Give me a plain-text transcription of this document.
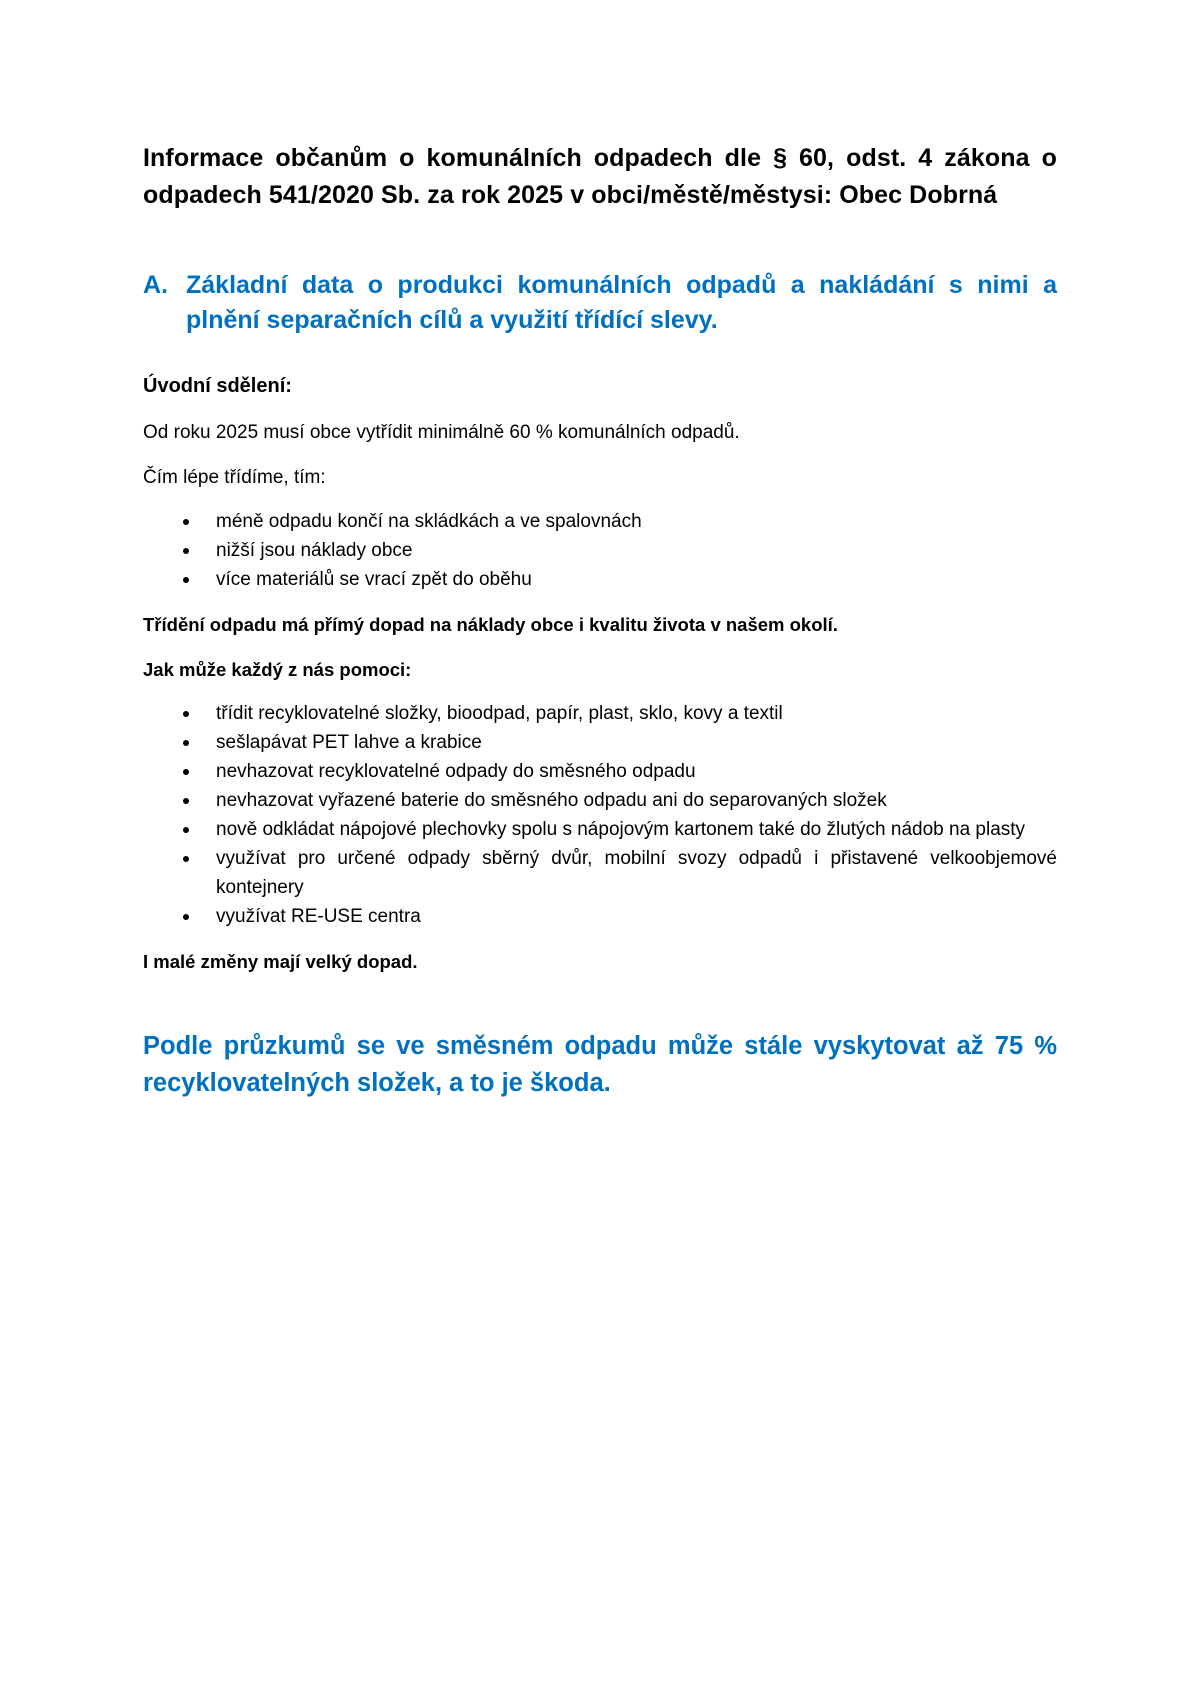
Informace občanům o komunálních odpadech dle § 60, odst. 4 zákona o odpadech 541/2020 Sb. za rok 2025 v obci/městě/městysi: Obec Dobrná
A. Základní data o produkci komunálních odpadů a nakládání s nimi a plnění separačních cílů a využití třídící slevy.
Úvodní sdělení:

Od roku 2025 musí obce vytřídit minimálně 60 % komunálních odpadů.

Čím lépe třídíme, tím:

méně odpadu končí na skládkách a ve spalovnách
nižší jsou náklady obce
více materiálů se vrací zpět do oběhu

Třídění odpadu má přímý dopad na náklady obce i kvalitu života v našem okolí.

Jak může každý z nás pomoci:

třídit recyklovatelné složky, bioodpad, papír, plast, sklo, kovy a textil
sešlapávat PET lahve a krabice
nevhazovat recyklovatelné odpady do směsného odpadu
nevhazovat vyřazené baterie do směsného odpadu ani do separovaných složek
nově odkládat nápojové plechovky spolu s nápojovým kartonem také do žlutých nádob na plasty
využívat pro určené odpady sběrný dvůr, mobilní svozy odpadů i přistavené velkoobjemové kontejnery
využívat RE-USE centra

I malé změny mají velký dopad.

Podle průzkumů se ve směsném odpadu může stále vyskytovat až 75 % recyklovatelných složek, a to je škoda.
